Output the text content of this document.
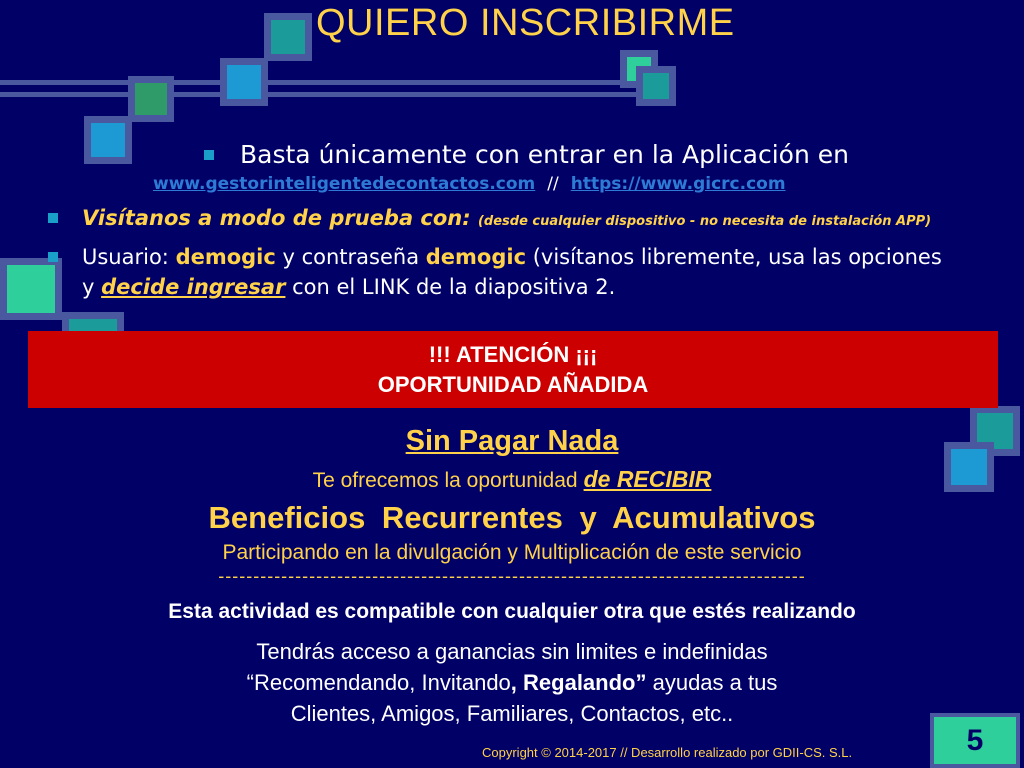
QUIERO INSCRIBIRME
Basta únicamente con entrar en la Aplicación en
www.gestorinteligentedecontactos.com // https://www.gicrc.com
Visítanos a modo de prueba con: (desde cualquier dispositivo - no necesita de instalación APP)
Usuario: demogic y contraseña demogic (visítanos libremente, usa las opciones y decide ingresar con el LINK de la diapositiva 2.
!!! ATENCIÓN ¡¡¡
OPORTUNIDAD AÑADIDA
Sin Pagar Nada
Te ofrecemos la oportunidad de RECIBIR
Beneficios Recurrentes y Acumulativos
Participando en la divulgación y Multiplicación de este servicio
------------------------------------------------------------------------------------
Esta actividad es compatible con cualquier otra que estés realizando
Tendrás acceso a ganancias sin limites e indefinidas
“Recomendando, Invitando, Regalando” ayudas a tus
Clientes, Amigos, Familiares, Contactos, etc..
Copyright © 2014-2017 // Desarrollo realizado por GDII-CS. S.L.	5
